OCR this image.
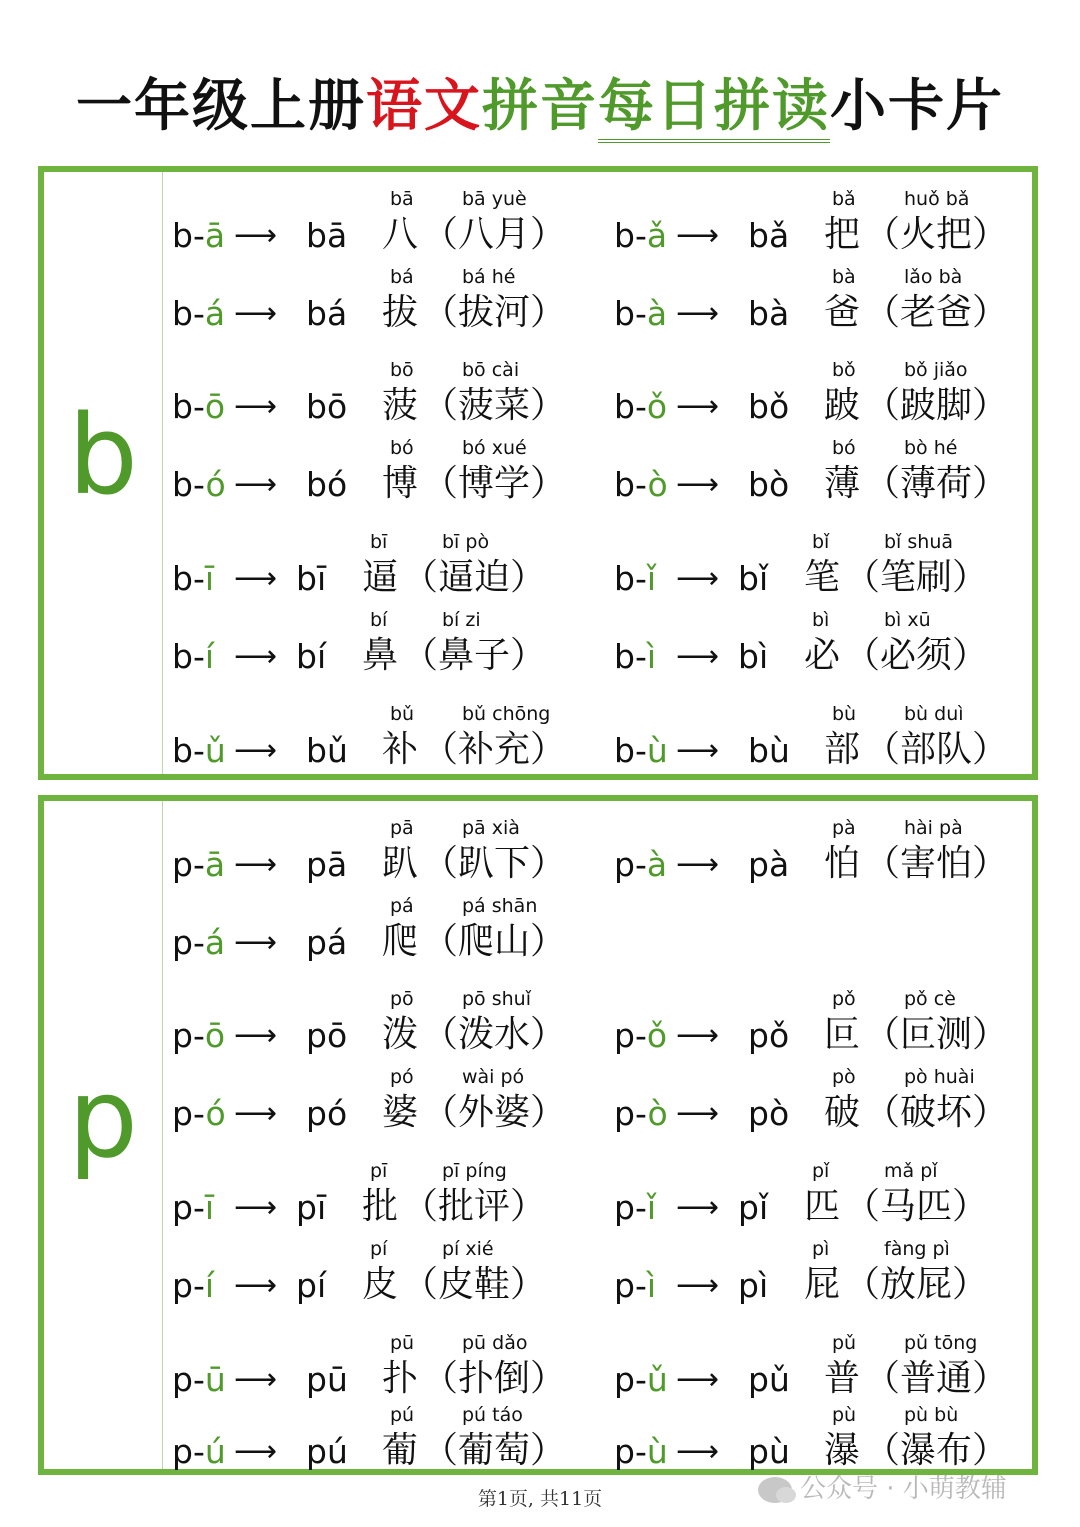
一年级上册语文拼音每日拼读小卡片
b
b-ā ⟶ bā
bā
八
bā yuè
（八月） b-ǎ ⟶ bǎ
bǎ
把
huǒ bǎ
（火把）
b-á ⟶ bá
bá
拔
bá hé
（拔河） b-à ⟶ bà
bà
爸
lǎo bà
（老爸）
b-ō ⟶ bō
bō
菠
bō cài
（菠菜） b-ǒ ⟶ bǒ
bǒ
跛
bǒ jiǎo
（跛脚）
b-ó ⟶ bó
bó
博
bó xué
（博学） b-ò ⟶ bò
bó
薄
bò hé
（薄荷）
b-ī ⟶ bī
bī
逼
bī pò
（逼迫） b-ǐ ⟶ bǐ
bǐ
笔
bǐ shuā
（笔刷）
b-í ⟶ bí
bí
鼻
bí zi
（鼻子） b-ì ⟶ bì
bì
必
bì xū
（必须）
b-ǔ ⟶ bǔ
bǔ
补
bǔ chōng
（补充） b-ù ⟶ bù
bù
部
bù duì
（部队）
p
p-ā ⟶ pā
pā
趴
pā xià
（趴下） p-à ⟶ pà
pà
怕
hài pà
（害怕）
p-á ⟶ pá
pá
爬
pá shān
（爬山）
p-ō ⟶ pō
pō
泼
pō shuǐ
（泼水） p-ǒ ⟶ pǒ
pǒ
叵
pǒ cè
（叵测）
p-ó ⟶ pó
pó
婆
wài pó
（外婆） p-ò ⟶ pò
pò
破
pò huài
（破坏）
p-ī ⟶ pī
pī
批
pī píng
（批评） p-ǐ ⟶ pǐ
pǐ
匹
mǎ pǐ
（马匹）
p-í ⟶ pí
pí
皮
pí xié
（皮鞋） p-ì ⟶ pì
pì
屁
fàng pì
（放屁）
p-ū ⟶ pū
pū
扑
pū dǎo
（扑倒） p-ǔ ⟶ pǔ
pǔ
普
pǔ tōng
（普通）
p-ú ⟶ pú
pú
葡
pú táo
（葡萄） p-ù ⟶ pù
pù
瀑
pù bù
（瀑布）
第1页, 共11页	公众号 · 小萌教辅
